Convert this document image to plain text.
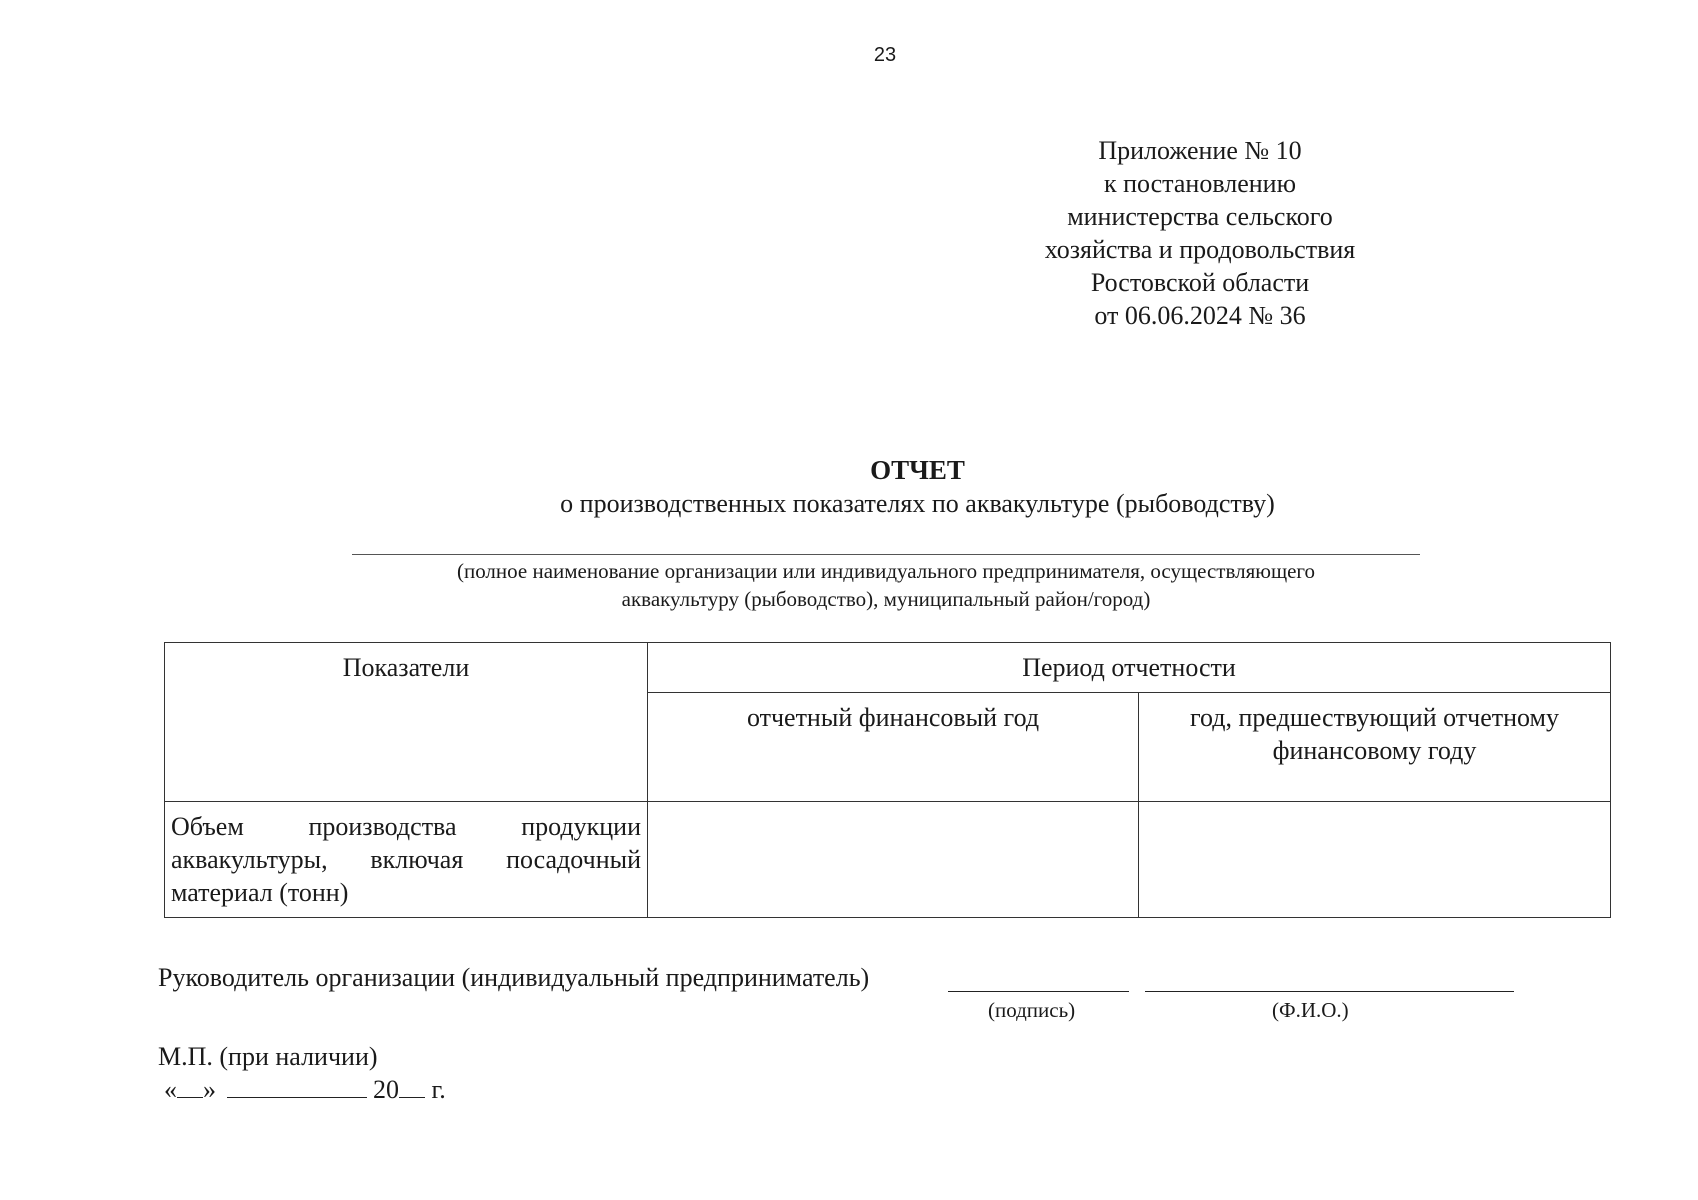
23
Приложение № 10
к постановлению
министерства сельского
хозяйства и продовольствия
Ростовской области
от 06.06.2024 № 36
ОТЧЕТ
о производственных показателях по аквакультуре (рыбоводству)
(полное наименование организации или индивидуального предпринимателя, осуществляющего
аквакультуру (рыбоводство), муниципальный район/город)
Показатели	Период отчетности	
	отчетный финансовый год	год, предшествующий отчетному финансовому году
Объем производства продукции аквакультуры, включая посадочный материал (тонн)		
Руководитель организации (индивидуальный предприниматель)
(подпись)	(Ф.И.О.)
М.П. (при наличии)
« »	20 г.
